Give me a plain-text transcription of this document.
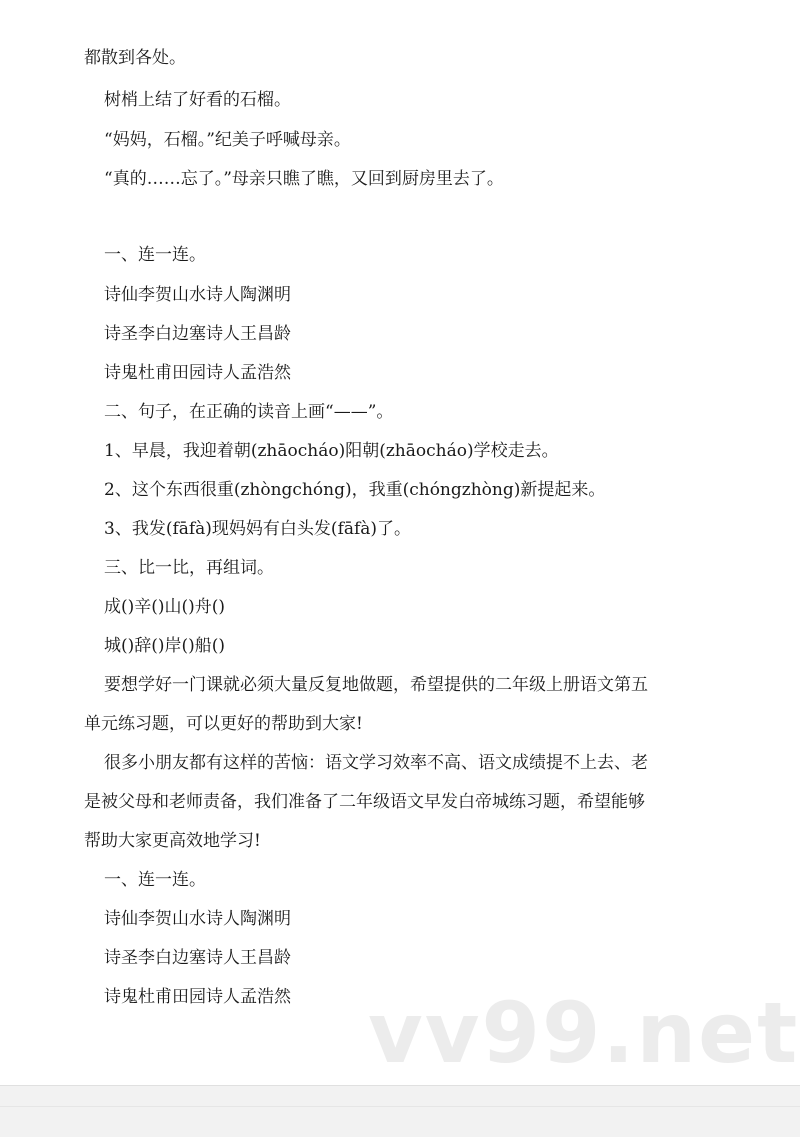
都散到各处。
树梢上结了好看的石榴。
“妈妈，石榴。”纪美子呼喊母亲。
“真的……忘了。”母亲只瞧了瞧，又回到厨房里去了。
一、连一连。
诗仙李贺山水诗人陶渊明
诗圣李白边塞诗人王昌龄
诗鬼杜甫田园诗人孟浩然
二、句子，在正确的读音上画“——”。
1、早晨，我迎着朝(zhāocháo)阳朝(zhāocháo)学校走去。
2、这个东西很重(zhòngchóng)，我重(chóngzhòng)新提起来。
3、我发(fāfà)现妈妈有白头发(fāfà)了。
三、比一比，再组词。
成()辛()山()舟()
城()辞()岸()船()
要想学好一门课就必须大量反复地做题，希望提供的二年级上册语文第五
单元练习题，可以更好的帮助到大家!
很多小朋友都有这样的苦恼：语文学习效率不高、语文成绩提不上去、老
是被父母和老师责备，我们准备了二年级语文早发白帝城练习题，希望能够
帮助大家更高效地学习!
一、连一连。
诗仙李贺山水诗人陶渊明
诗圣李白边塞诗人王昌龄
诗鬼杜甫田园诗人孟浩然 vv99.net
